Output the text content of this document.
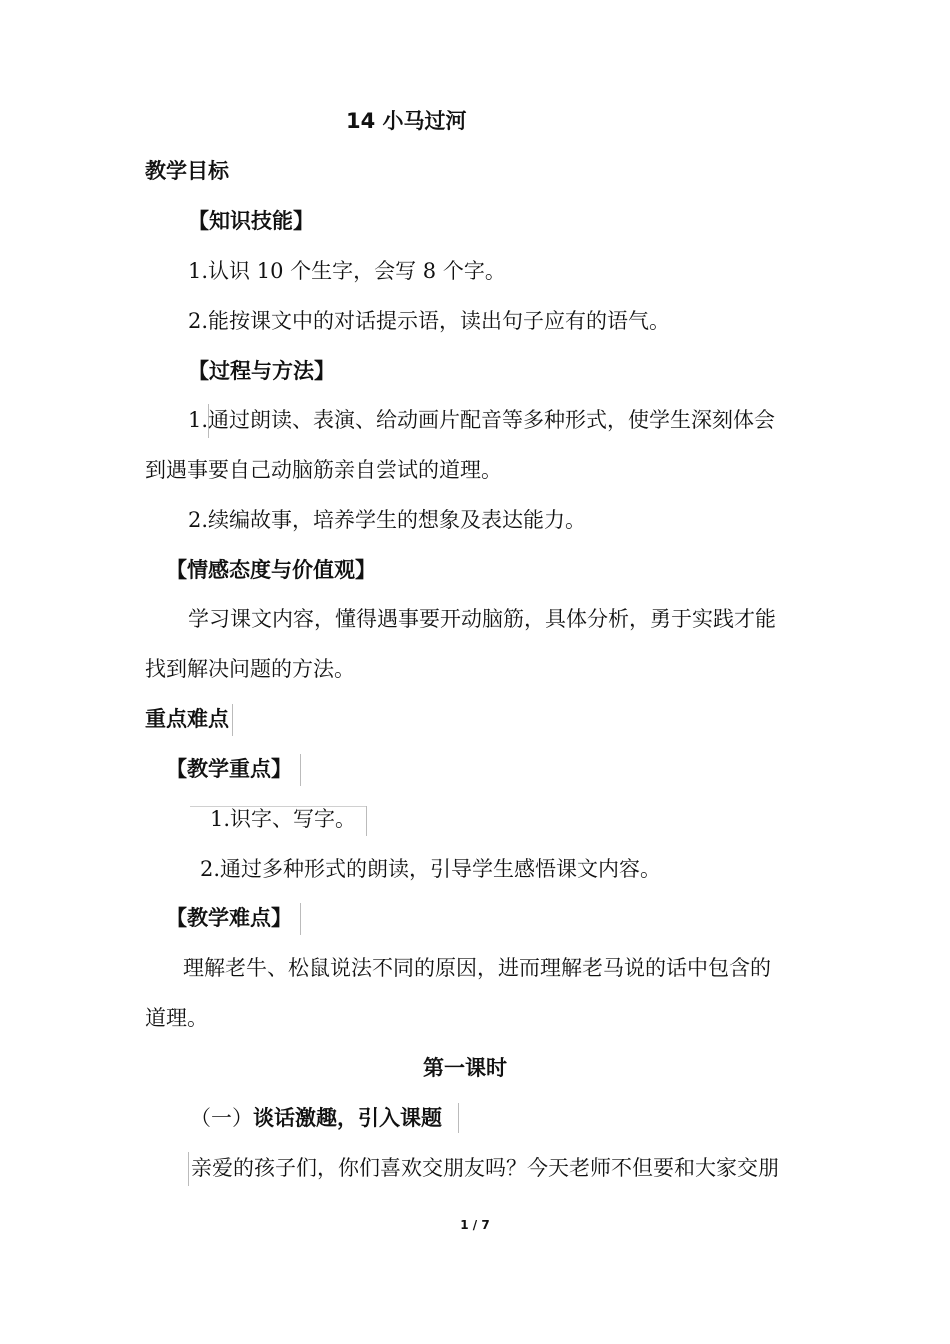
14 小马过河
教学目标
【知识技能】
1.认识 10 个生字，会写 8 个字。
2.能按课文中的对话提示语，读出句子应有的语气。
【过程与方法】
1.通过朗读、表演、给动画片配音等多种形式，使学生深刻体会
到遇事要自己动脑筋亲自尝试的道理。
2.续编故事，培养学生的想象及表达能力。
【情感态度与价值观】
学习课文内容，懂得遇事要开动脑筋，具体分析，勇于实践才能
找到解决问题的方法。
重点难点
【教学重点】
1.识字、写字。
2.通过多种形式的朗读，引导学生感悟课文内容。
【教学难点】
理解老牛、松鼠说法不同的原因，进而理解老马说的话中包含的
道理。
第一课时
（一） 谈话激趣，引入课题
亲爱的孩子们，你们喜欢交朋友吗？今天老师不但要和大家交朋
1 / 7
